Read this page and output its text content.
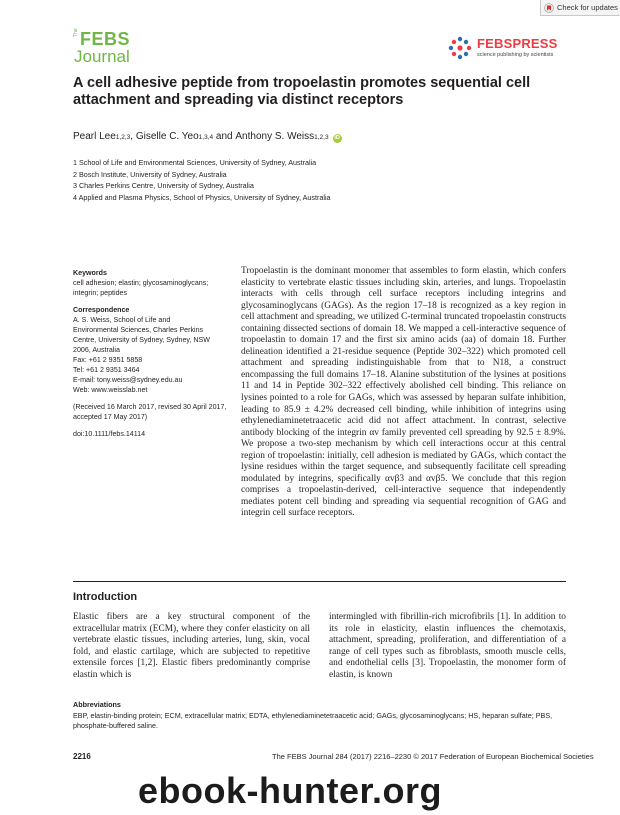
Check for updates
The FEBS
Journal
FEBSPRESS
science publishing by scientists
A cell adhesive peptide from tropoelastin promotes sequential cell attachment and spreading via distinct receptors
Pearl Lee 1,2,3 , Giselle C. Yeo 1,3,4 and Anthony S. Weiss 1,2,3	iD
1 School of Life and Environmental Sciences, University of Sydney, Australia
2 Bosch Institute, University of Sydney, Australia
3 Charles Perkins Centre, University of Sydney, Australia
4 Applied and Plasma Physics, School of Physics, University of Sydney, Australia
Keywords
cell adhesion; elastin; glycosaminoglycans; integrin; peptides
Correspondence
A. S. Weiss, School of Life and
Environmental Sciences, Charles Perkins
Centre, University of Sydney, Sydney, NSW
2006, Australia
Fax: +61 2 9351 5858
Tel: +61 2 9351 3464
E-mail: tony.weiss@sydney.edu.au
Web: www.weisslab.net
(Received 16 March 2017, revised 30 April 2017, accepted 17 May 2017)
doi:10.1111/febs.14114

Tropoelastin is the dominant monomer that assembles to form elastin, which confers elasticity to vertebrate elastic tissues including skin, arteries, and lungs. Tropoelastin interacts with cells through cell surface receptors including integrins and glycosaminoglycans (GAGs). As the region 17–18 is recognized as a key region in cell attachment and spreading, we utilized C-terminal truncated tropoelastin constructs containing dissected sections of domain 18. We mapped a cell-interactive sequence of tropoelastin to domain 17 and the first six amino acids (aa) of domain 18. Further delineation identified a 21-residue sequence (Peptide 302–322) which promoted cell attachment and spreading indistinguishable from that to N18, a construct encompassing the full domains 17–18. Alanine substitution of the lysines at positions 11 and 14 in Peptide 302–322 effectively abolished cell binding. This reliance on lysines pointed to a role for GAGs, which was assessed by heparan sulfate inhibition, leading to 85.9 ± 4.2% decreased cell binding, while inhibition of integrins using ethylenediaminetetraacetic acid did not affect attachment. In contrast, selective antibody blocking of the integrin αv family prevented cell spreading by 92.5 ± 8.9%. We propose a two-step mechanism by which cell interactions occur at this central region of tropoelastin: initially, cell adhesion is mediated by GAGs, which contact the lysine residues within the target sequence, and subsequently facilitate cell spreading modulated by integrins, specifically αvβ3 and αvβ5. We conclude that this region comprises a tropoelastin-derived, cell-interactive sequence that independently mediates potent cell binding and spreading via sequential recognition of GAG and integrin cell surface receptors.

Introduction

Elastic fibers are a key structural component of the extracellular matrix (ECM), where they confer elasticity on all vertebrate elastic tissues, including arteries, lung, skin, vocal fold, and elastic cartilage, which are subjected to repetitive extensile forces [1,2]. Elastic fibers predominantly comprise elastin which is

intermingled with fibrillin-rich microfibrils [1]. In addition to its role in elasticity, elastin influences the chemotaxis, attachment, spreading, proliferation, and differentiation of a range of cell types such as fibroblasts, smooth muscle cells, and endothelial cells [3]. Tropoelastin, the monomer form of elastin, is known

Abbreviations
EBP, elastin-binding protein; ECM, extracellular matrix; EDTA, ethylenediaminetetraacetic acid; GAGs, glycosaminoglycans; HS, heparan sulfate; PBS, phosphate-buffered saline.
2216	The FEBS Journal 284 (2017) 2216–2230 © 2017 Federation of European Biochemical Societies
ebook-hunter.org
